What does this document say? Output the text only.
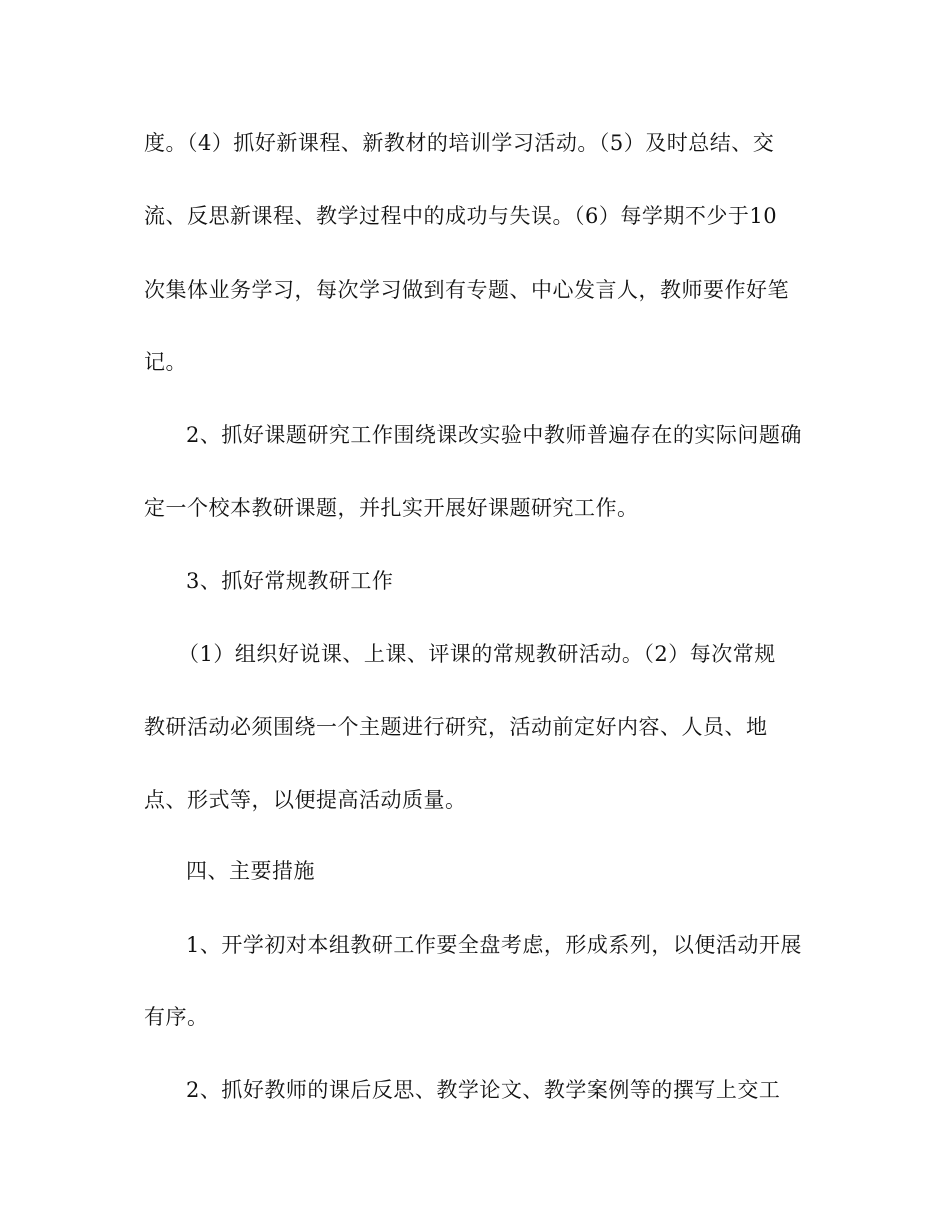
度。（4）抓好新课程、新教材的培训学习活动。（5）及时总结、交
流、反思新课程、教学过程中的成功与失误。（6）每学期不少于10
次集体业务学习，每次学习做到有专题、中心发言人，教师要作好笔
记。
2、抓好课题研究工作围绕课改实验中教师普遍存在的实际问题确
定一个校本教研课题，并扎实开展好课题研究工作。
3、抓好常规教研工作
（1）组织好说课、上课、评课的常规教研活动。（2）每次常规
教研活动必须围绕一个主题进行研究，活动前定好内容、人员、地
点、形式等，以便提高活动质量。
四、主要措施
1、开学初对本组教研工作要全盘考虑，形成系列，以便活动开展
有序。
2、抓好教师的课后反思、教学论文、教学案例等的撰写上交工
